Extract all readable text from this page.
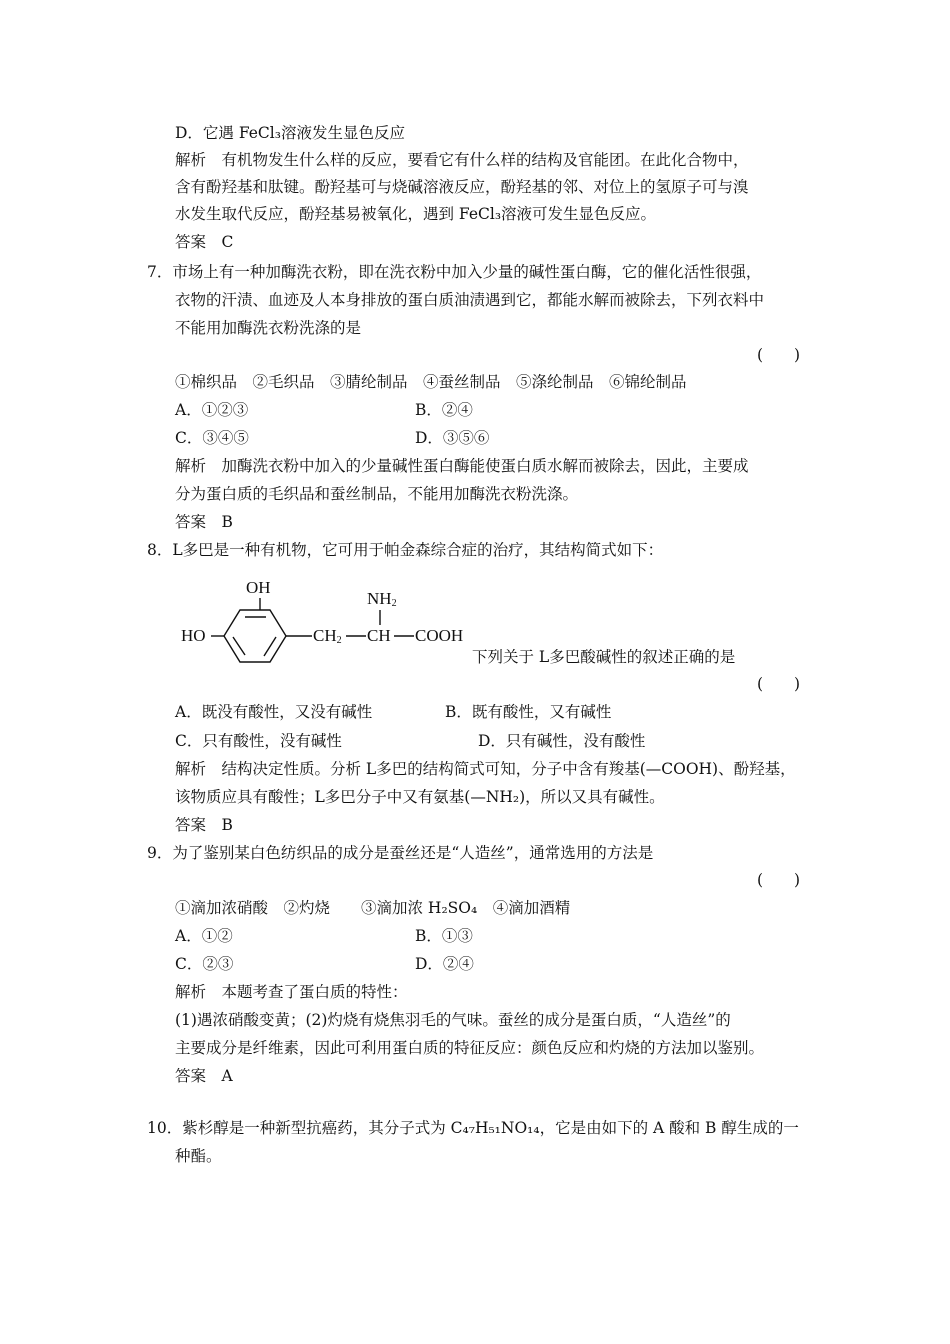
D．它遇 FeCl₃溶液发生显色反应
解析　有机物发生什么样的反应，要看它有什么样的结构及官能团。在此化合物中，
含有酚羟基和肽键。酚羟基可与烧碱溶液反应，酚羟基的邻、对位上的氢原子可与溴
水发生取代反应，酚羟基易被氧化，遇到 FeCl₃溶液可发生显色反应。
答案　C
7．市场上有一种加酶洗衣粉，即在洗衣粉中加入少量的碱性蛋白酶，它的催化活性很强，
衣物的汗渍、血迹及人本身排放的蛋白质油渍遇到它，都能水解而被除去，下列衣料中
不能用加酶洗衣粉洗涤的是
(　　)
①棉织品　②毛织品　③腈纶制品　④蚕丝制品　⑤涤纶制品　⑥锦纶制品
A．①②③	B．②④
C．③④⑤	D．③⑤⑥
解析　加酶洗衣粉中加入的少量碱性蛋白酶能使蛋白质水解而被除去，因此，主要成
分为蛋白质的毛织品和蚕丝制品，不能用加酶洗衣粉洗涤。
答案　B
8．L多巴是一种有机物，它可用于帕金森综合症的治疗，其结构简式如下：
OH
HO	$CH_2$ CH
$NH_2$
COOH
下列关于 L多巴酸碱性的叙述正确的是
(　　)
A．既没有酸性，又没有碱性	B．既有酸性，又有碱性
C．只有酸性，没有碱性	D．只有碱性，没有酸性
解析　结构决定性质。分析 L多巴的结构简式可知，分子中含有羧基(—COOH)、酚羟基，
该物质应具有酸性；L多巴分子中又有氨基(—NH₂)，所以又具有碱性。
答案　B
9．为了鉴别某白色纺织品的成分是蚕丝还是“人造丝”，通常选用的方法是
(　　)
①滴加浓硝酸　②灼烧　　③滴加浓 H₂SO₄　④滴加酒精
A．①②	B．①③
C．②③	D．②④
解析　本题考查了蛋白质的特性：
(1)遇浓硝酸变黄；(2)灼烧有烧焦羽毛的气味。蚕丝的成分是蛋白质，“人造丝”的
主要成分是纤维素，因此可利用蛋白质的特征反应：颜色反应和灼烧的方法加以鉴别。
答案　A
10．紫杉醇是一种新型抗癌药，其分子式为 C₄₇H₅₁NO₁₄，它是由如下的 A 酸和 B 醇生成的一
种酯。
